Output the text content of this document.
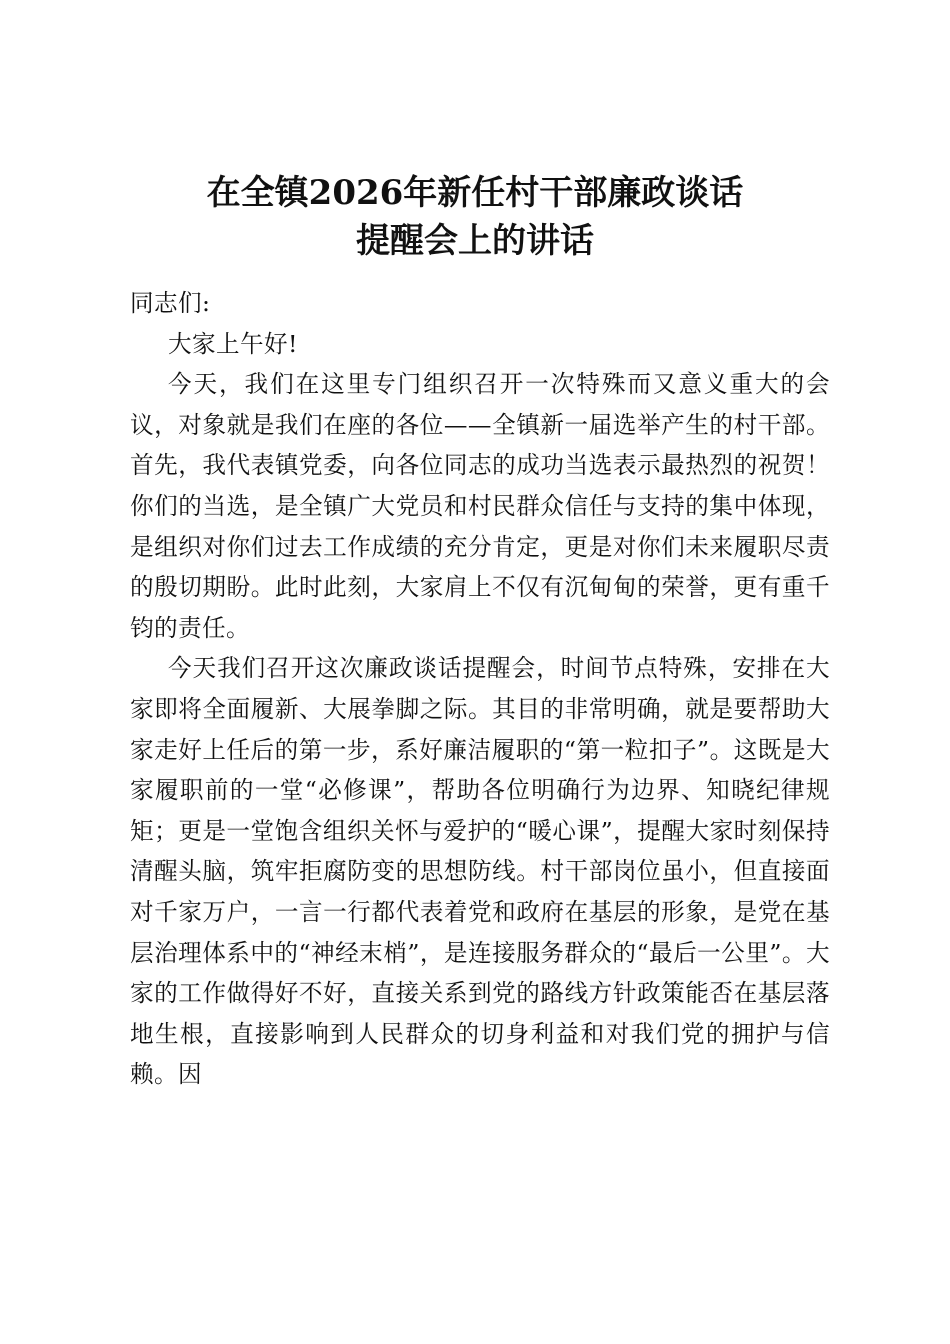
在全镇2026年新任村干部廉政谈话
提醒会上的讲话

同志们:

大家上午好!

今天，我们在这里专门组织召开一次特殊而又意义重大的会议，对象就是我们在座的各位——全镇新一届选举产生的村干部。首先，我代表镇党委，向各位同志的成功当选表示最热烈的祝贺！你们的当选，是全镇广大党员和村民群众信任与支持的集中体现，是组织对你们过去工作成绩的充分肯定，更是对你们未来履职尽责的殷切期盼。此时此刻，大家肩上不仅有沉甸甸的荣誉，更有重千钧的责任。

今天我们召开这次廉政谈话提醒会，时间节点特殊，安排在大家即将全面履新、大展拳脚之际。其目的非常明确，就是要帮助大家走好上任后的第一步，系好廉洁履职的“第一粒扣子”。这既是大家履职前的一堂“必修课”，帮助各位明确行为边界、知晓纪律规矩；更是一堂饱含组织关怀与爱护的“暖心课”，提醒大家时刻保持清醒头脑，筑牢拒腐防变的思想防线。村干部岗位虽小，但直接面对千家万户，一言一行都代表着党和政府在基层的形象，是党在基层治理体系中的“神经末梢”，是连接服务群众的“最后一公里”。大家的工作做得好不好，直接关系到党的路线方针政策能否在基层落地生根，直接影响到人民群众的切身利益和对我们党的拥护与信赖。因
